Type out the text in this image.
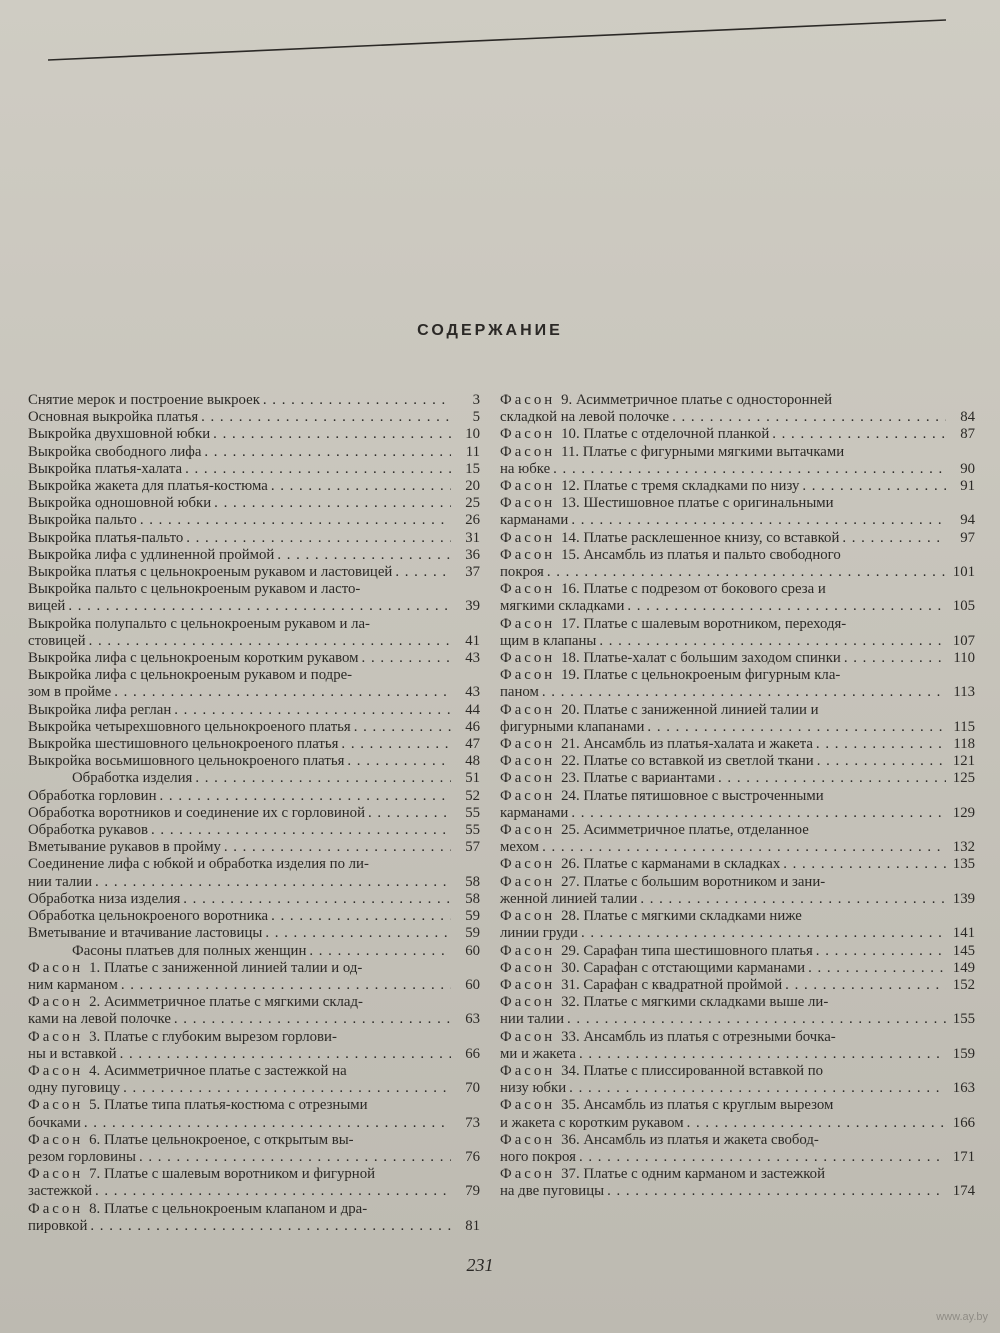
СОДЕРЖАНИЕ
Снятие мерок и построение выкроек . . .	3
Основная выкройка платья . . .	5
Выкройка двухшовной юбки . . .	10
Выкройка свободного лифа . . .	11
Выкройка платья-халата . . .	15
Выкройка жакета для платья-костюма . . .	20
Выкройка одношовной юбки . . .	25
Выкройка пальто . . .	26
Выкройка платья-пальто . . .	31
Выкройка лифа с удлиненной проймой . . .	36
Выкройка платья с цельнокроеным рукавом и ластовицей . . .	37
Выкройка пальто с цельнокроеным рукавом и ласто-
вицей . . .	39
Выкройка полупальто с цельнокроеным рукавом и ла-
стовицей . . .	41
Выкройка лифа с цельнокроеным коротким рукавом . . .	43
Выкройка лифа с цельнокроеным рукавом и подре-
зом в пройме . . .	43
Выкройка лифа реглан . . .	44
Выкройка четырехшовного цельнокроеного платья . . .	46
Выкройка шестишовного цельнокроеного платья . . .	47
Выкройка восьмишовного цельнокроеного платья . . .	48
Обработка изделия . . .	51
Обработка горловин . . .	52
Обработка воротников и соединение их с горловиной . . .	55
Обработка рукавов . . .	55
Вметывание рукавов в пройму . . .	57
Соединение лифа с юбкой и обработка изделия по ли-
нии талии . . .	58
Обработка низа изделия . . .	58
Обработка цельнокроеного воротника . . .	59
Вметывание и втачивание ластовицы . . .	59
Фасоны платьев для полных женщин . . .	60
Фасон 1. Платье с заниженной линией талии и од-
ним карманом . . .	60
Фасон 2. Асимметричное платье с мягкими склад-
ками на левой полочке . . .	63
Фасон 3. Платье с глубоким вырезом горлови-
ны и вставкой . . .	66
Фасон 4. Асимметричное платье с застежкой на
одну пуговицу . . .	70
Фасон 5. Платье типа платья-костюма с отрезными
бочками . . .	73
Фасон 6. Платье цельнокроеное, с открытым вы-
резом горловины . . .	76
Фасон 7. Платье с шалевым воротником и фигурной
застежкой . . .	79
Фасон 8. Платье с цельнокроеным клапаном и дра-
пировкой . . .	81
Фасон 9. Асимметричное платье с односторонней
складкой на левой полочке . . .	84
Фасон 10. Платье с отделочной планкой . . .	87
Фасон 11. Платье с фигурными мягкими вытачками
на юбке . . .	90
Фасон 12. Платье с тремя складками по низу . . .	91
Фасон 13. Шестишовное платье с оригинальными
карманами . . .	94
Фасон 14. Платье расклешенное книзу, со вставкой . . .	97
Фасон 15. Ансамбль из платья и пальто свободного
покроя . . .	101
Фасон 16. Платье с подрезом от бокового среза и
мягкими складками . . .	105
Фасон 17. Платье с шалевым воротником, переходя-
щим в клапаны . . .	107
Фасон 18. Платье-халат с большим заходом спинки . . .	110
Фасон 19. Платье с цельнокроеным фигурным кла-
паном . . .	113
Фасон 20. Платье с заниженной линией талии и
фигурными клапанами . . .	115
Фасон 21. Ансамбль из платья-халата и жакета . . .	118
Фасон 22. Платье со вставкой из светлой ткани . . .	121
Фасон 23. Платье с вариантами . . .	125
Фасон 24. Платье пятишовное с выстроченными
карманами . . .	129
Фасон 25. Асимметричное платье, отделанное
мехом . . .	132
Фасон 26. Платье с карманами в складках . . .	135
Фасон 27. Платье с большим воротником и зани-
женной линией талии . . .	139
Фасон 28. Платье с мягкими складками ниже
линии груди . . .	141
Фасон 29. Сарафан типа шестишовного платья . . .	145
Фасон 30. Сарафан с отстающими карманами . . .	149
Фасон 31. Сарафан с квадратной проймой . . .	152
Фасон 32. Платье с мягкими складками выше ли-
нии талии . . .	155
Фасон 33. Ансамбль из платья с отрезными бочка-
ми и жакета . . .	159
Фасон 34. Платье с плиссированной вставкой по
низу юбки . . .	163
Фасон 35. Ансамбль из платья с круглым вырезом
и жакета с коротким рукавом . . .	166
Фасон 36. Ансамбль из платья и жакета свобод-
ного покроя . . .	171
Фасон 37. Платье с одним карманом и застежкой
на две пуговицы . . .	174
231
www.ay.by
